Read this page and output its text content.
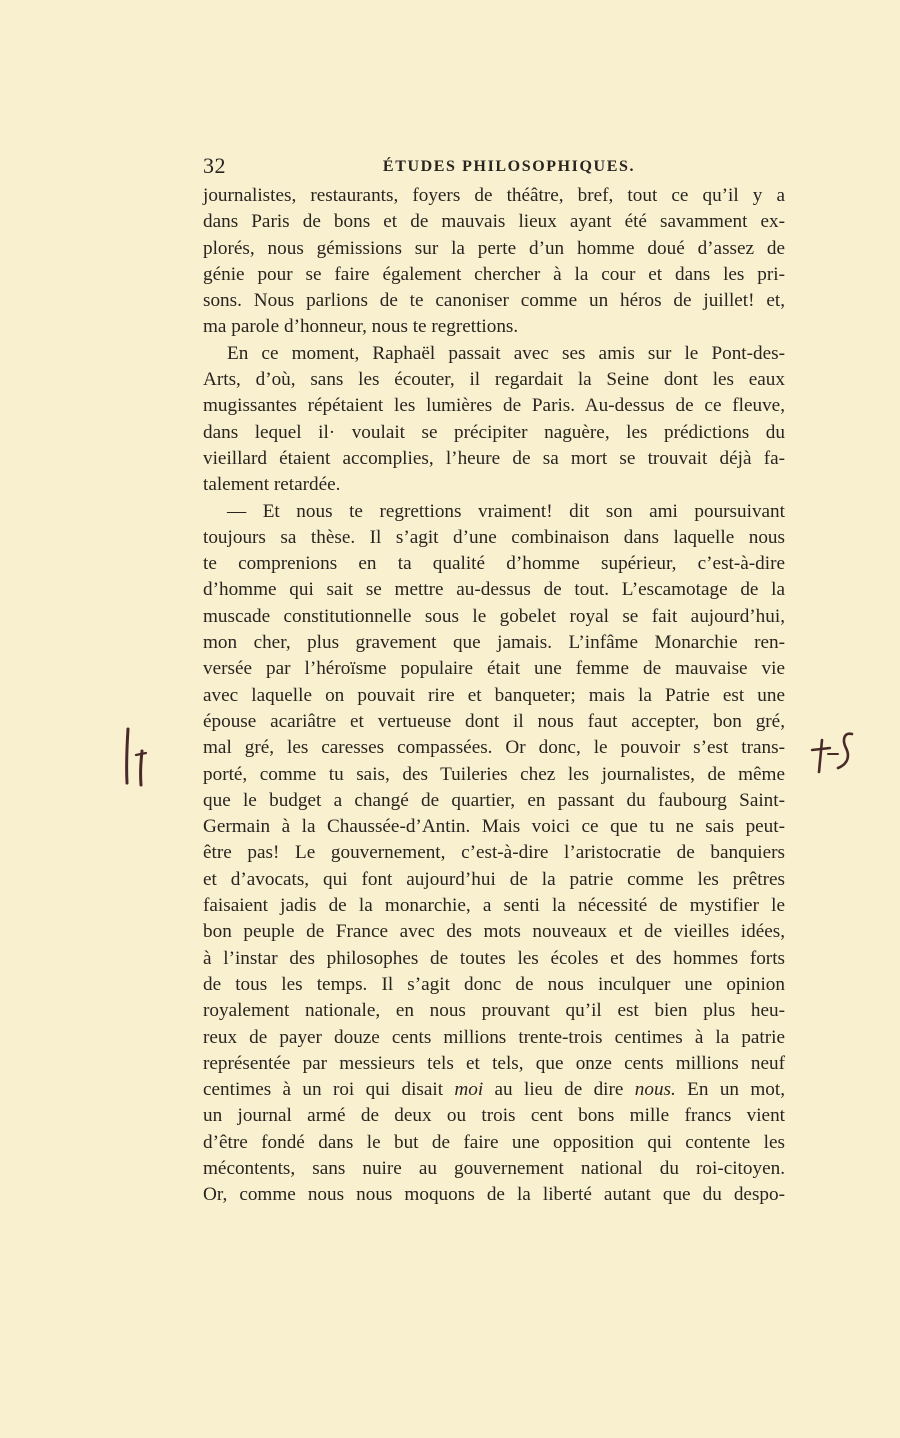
32	ÉTUDES PHILOSOPHIQUES.
journalistes, restaurants, foyers de théâtre, bref, tout ce qu’il y a
dans Paris de bons et de mauvais lieux ayant été savamment ex-
plorés, nous gémissions sur la perte d’un homme doué d’assez de
génie pour se faire également chercher à la cour et dans les pri-
sons. Nous parlions de te canoniser comme un héros de juillet! et,
ma parole d’honneur, nous te regrettions.
En ce moment, Raphaël passait avec ses amis sur le Pont-des-
Arts, d’où, sans les écouter, il regardait la Seine dont les eaux
mugissantes répétaient les lumières de Paris. Au-dessus de ce fleuve,
dans lequel il· voulait se précipiter naguère, les prédictions du
vieillard étaient accomplies, l’heure de sa mort se trouvait déjà fa-
talement retardée.
— Et nous te regrettions vraiment! dit son ami poursuivant
toujours sa thèse. Il s’agit d’une combinaison dans laquelle nous
te comprenions en ta qualité d’homme supérieur, c’est-à-dire
d’homme qui sait se mettre au-dessus de tout. L’escamotage de la
muscade constitutionnelle sous le gobelet royal se fait aujourd’hui,
mon cher, plus gravement que jamais. L’infâme Monarchie ren-
versée par l’héroïsme populaire était une femme de mauvaise vie
avec laquelle on pouvait rire et banqueter; mais la Patrie est une
épouse acariâtre et vertueuse dont il nous faut accepter, bon gré,
mal gré, les caresses compassées. Or donc, le pouvoir s’est trans-
porté, comme tu sais, des Tuileries chez les journalistes, de même
que le budget a changé de quartier, en passant du faubourg Saint-
Germain à la Chaussée-d’Antin. Mais voici ce que tu ne sais peut-
être pas! Le gouvernement, c’est-à-dire l’aristocratie de banquiers
et d’avocats, qui font aujourd’hui de la patrie comme les prêtres
faisaient jadis de la monarchie, a senti la nécessité de mystifier le
bon peuple de France avec des mots nouveaux et de vieilles idées,
à l’instar des philosophes de toutes les écoles et des hommes forts
de tous les temps. Il s’agit donc de nous inculquer une opinion
royalement nationale, en nous prouvant qu’il est bien plus heu-
reux de payer douze cents millions trente-trois centimes à la patrie
représentée par messieurs tels et tels, que onze cents millions neuf
centimes à un roi qui disait moi au lieu de dire nous. En un mot,
un journal armé de deux ou trois cent bons mille francs vient
d’être fondé dans le but de faire une opposition qui contente les
mécontents, sans nuire au gouvernement national du roi-citoyen.
Or, comme nous nous moquons de la liberté autant que du despo-
